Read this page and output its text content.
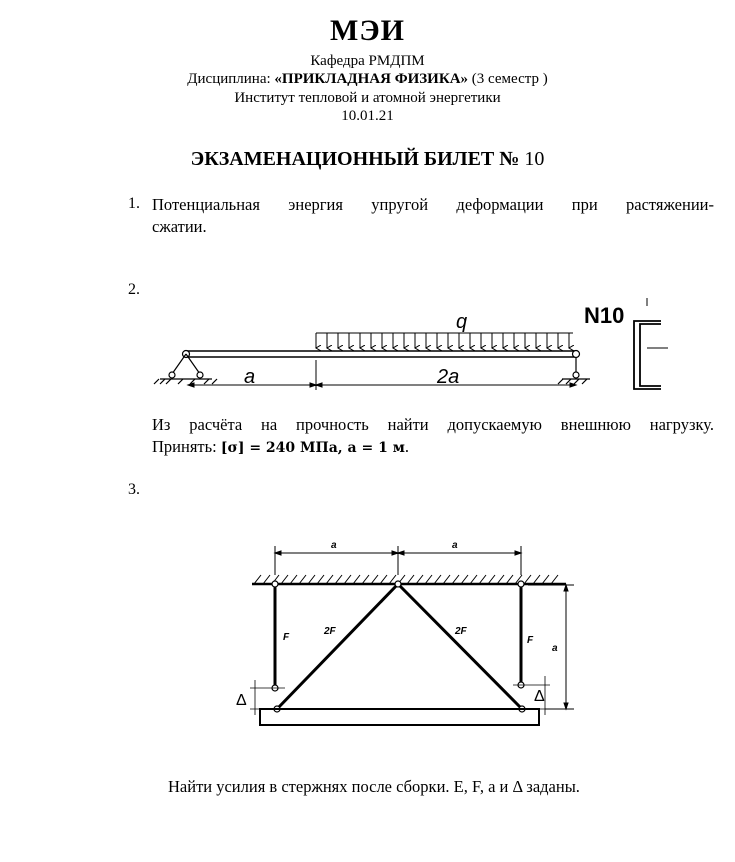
МЭИ
Кафедра РМДПМ
Дисциплина: «ПРИКЛАДНАЯ ФИЗИКА» (3 семестр )
Институт тепловой и атомной энергетики
10.01.21
ЭКЗАМЕНАЦИОННЫЙ БИЛЕТ № 10
1. Потенциальная энергия упругой деформации при растяжении-
сжатии.
2.
q
a	2a
N10
Из расчёта на прочность найти допускаемую внешнюю нагрузку.
Принять: [σ] = 240 МПа, a = 1 м.
3.
a	a
a
F	F
2F	2F
Δ	Δ
Найти усилия в стержнях после сборки. E, F, a и Δ заданы.
